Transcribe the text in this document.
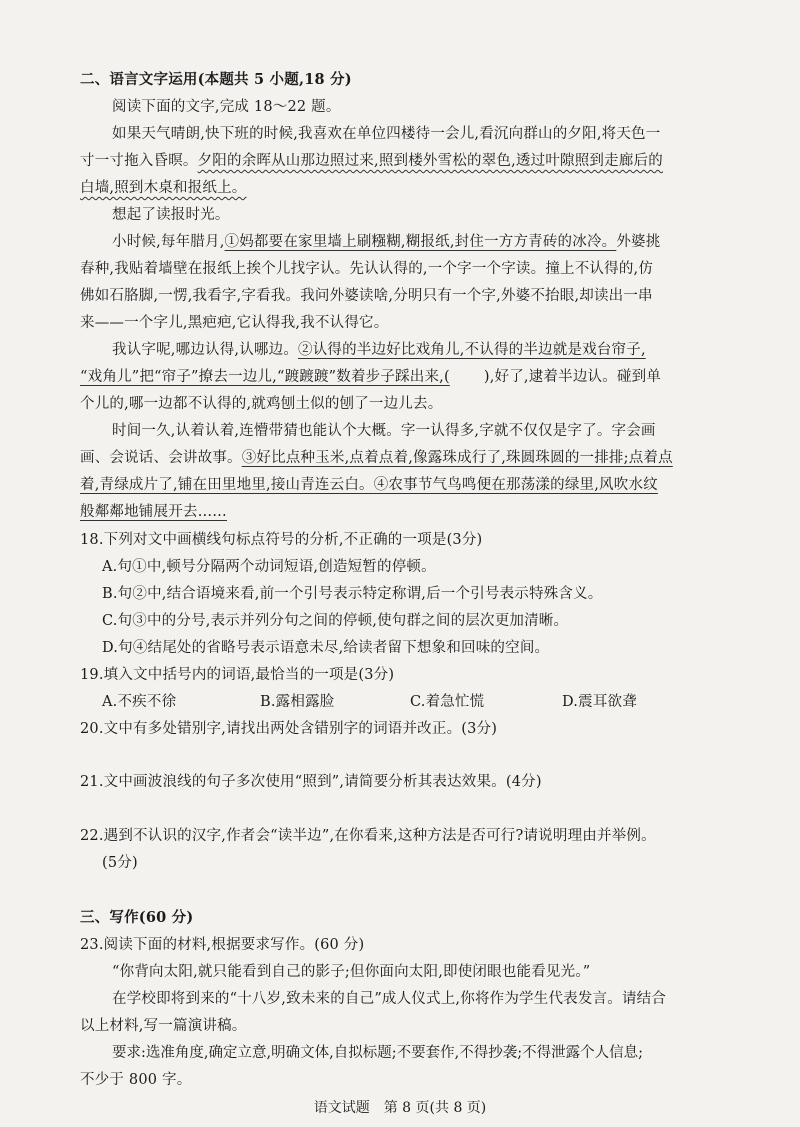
二、语言文字运用(本题共 5 小题,18 分)
阅读下面的文字,完成 18～22 题。
如果天气晴朗,快下班的时候,我喜欢在单位四楼待一会儿,看沉向群山的夕阳,将天色一
寸一寸拖入昏暝。夕阳的余晖从山那边照过来,照到楼外雪松的翠色,透过叶隙照到走廊后的
白墙,照到木桌和报纸上。
想起了读报时光。
小时候,每年腊月,①妈都要在家里墙上刷糨糊,糊报纸,封住一方方青砖的冰冷。外婆挑
春种,我贴着墙壁在报纸上挨个儿找字认。先认认得的,一个字一个字读。撞上不认得的,仿
佛如石胳脚,一愣,我看字,字看我。我问外婆读啥,分明只有一个字,外婆不抬眼,却读出一串
来——一个字儿,黑疤疤,它认得我,我不认得它。
我认字呢,哪边认得,认哪边。②认得的半边好比戏角儿,不认得的半边就是戏台帘子,
“戏角儿”把“帘子”撩去一边儿,“踱踱踱”数着步子踩出来,( ),好了,逮着半边认。碰到单
个儿的,哪一边都不认得的,就鸡刨土似的刨了一边儿去。
时间一久,认着认着,连懵带猜也能认个大概。字一认得多,字就不仅仅是字了。字会画
画、会说话、会讲故事。③好比点种玉米,点着点着,像露珠成行了,珠圆珠圆的一排排;点着点
着,青绿成片了,铺在田里地里,接山青连云白。④农事节气鸟鸣便在那荡漾的绿里,风吹水纹
般鄰鄰地铺展开去……
18.下列对文中画横线句标点符号的分析,不正确的一项是(3分)
A.句①中,顿号分隔两个动词短语,创造短暂的停顿。
B.句②中,结合语境来看,前一个引号表示特定称谓,后一个引号表示特殊含义。
C.句③中的分号,表示并列分句之间的停顿,使句群之间的层次更加清晰。
D.句④结尾处的省略号表示语意未尽,给读者留下想象和回味的空间。
19.填入文中括号内的词语,最恰当的一项是(3分)
A.不疾不徐	B.露相露脸	C.着急忙慌	D.震耳欲聋
20.文中有多处错别字,请找出两处含错别字的词语并改正。(3分)
21.文中画波浪线的句子多次使用“照到”,请简要分析其表达效果。(4分)
22.遇到不认识的汉字,作者会“读半边”,在你看来,这种方法是否可行?请说明理由并举例。
(5分)
三、写作(60 分)
23.阅读下面的材料,根据要求写作。(60 分)
“你背向太阳,就只能看到自己的影子;但你面向太阳,即使闭眼也能看见光。”
在学校即将到来的“十八岁,致未来的自己”成人仪式上,你将作为学生代表发言。请结合
以上材料,写一篇演讲稿。
要求:选准角度,确定立意,明确文体,自拟标题;不要套作,不得抄袭;不得泄露个人信息;
不少于 800 字。
语文试题　第 8 页(共 8 页)
